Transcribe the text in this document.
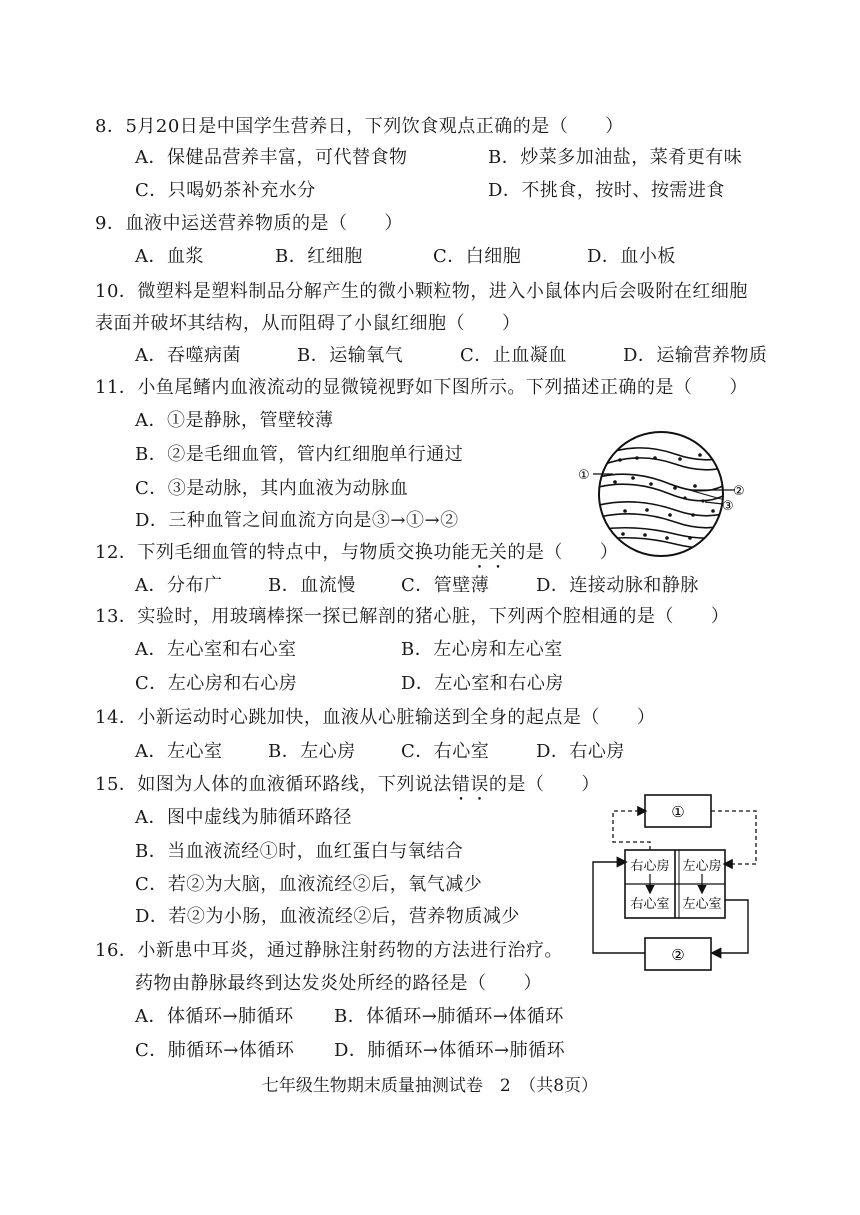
8．5月20日是中国学生营养日，下列饮食观点正确的是（　　）
A．保健品营养丰富，可代替食物	B．炒菜多加油盐，菜肴更有味
C．只喝奶茶补充水分	D．不挑食，按时、按需进食
9．血液中运送营养物质的是（　　）
A．血浆	B．红细胞	C．白细胞	D．血小板
10．微塑料是塑料制品分解产生的微小颗粒物，进入小鼠体内后会吸附在红细胞
表面并破坏其结构，从而阻碍了小鼠红细胞（　　）
A．吞噬病菌	B．运输氧气	C．止血凝血	D．运输营养物质
11．小鱼尾鳍内血液流动的显微镜视野如下图所示。下列描述正确的是（　　）
A．①是静脉，管壁较薄
B．②是毛细血管，管内红细胞单行通过
C．③是动脉，其内血液为动脉血
D．三种血管之间血流方向是③→①→②
①
②
③
12．下列毛细血管的特点中，与物质交换功能无关的是（　　）
A．分布广	B．血流慢	C．管壁薄	D．连接动脉和静脉
13．实验时，用玻璃棒探一探已解剖的猪心脏，下列两个腔相通的是（　　）
A．左心室和右心室	B．左心房和左心室
C．左心房和右心房	D．左心室和右心房
14．小新运动时心跳加快，血液从心脏输送到全身的起点是（　　）
A．左心室	B．左心房	C．右心室	D．右心房
15．如图为人体的血液循环路线，下列说法错误的是（　　）
A．图中虚线为肺循环路径
B．当血液流经①时，血红蛋白与氧结合
C．若②为大脑，血液流经②后，氧气减少
D．若②为小肠，血液流经②后，营养物质减少
①
右心房 左心房
右心室 左心室
②
16．小新患中耳炎，通过静脉注射药物的方法进行治疗。
药物由静脉最终到达发炎处所经的路径是（　　）
A．体循环→肺循环 B．体循环→肺循环→体循环
C．肺循环→体循环 D．肺循环→体循环→肺循环
七年级生物期末质量抽测试卷　2　（共8页）
